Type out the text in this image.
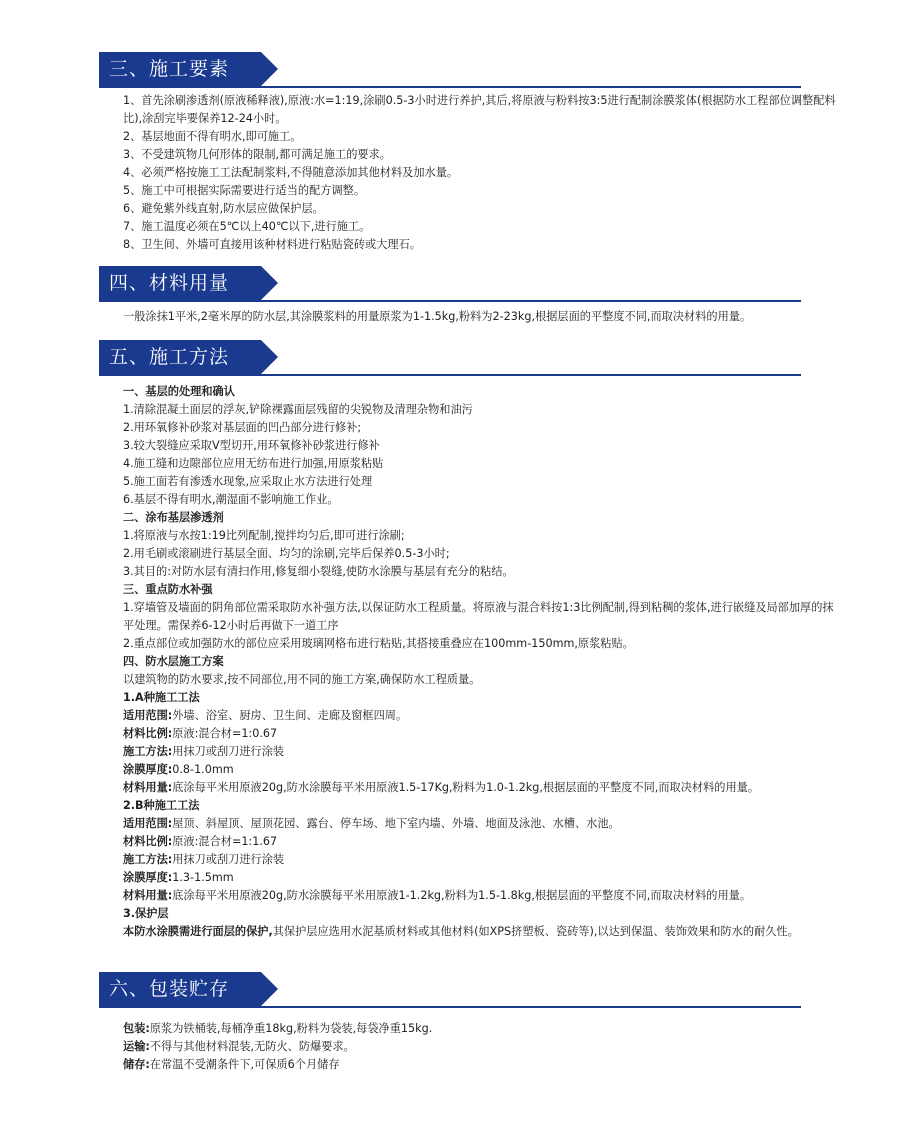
三、施工要素
1、首先涂刷渗透剂(原液稀释液),原液:水=1:19,涂刷0.5-3小时进行养护,其后,将原液与粉料按3:5进行配制涂膜浆体(根据防水工程部位调整配料比),涂刮完毕要保养12-24小时。
2、基层地面不得有明水,即可施工。
3、不受建筑物几何形体的限制,都可满足施工的要求。
4、必须严格按施工工法配制浆料,不得随意添加其他材料及加水量。
5、施工中可根据实际需要进行适当的配方调整。
6、避免紫外线直射,防水层应做保护层。
7、施工温度必须在5℃以上40℃以下,进行施工。
8、卫生间、外墙可直接用该种材料进行粘贴瓷砖或大理石。
四、材料用量
一般涂抹1平米,2毫米厚的防水层,其涂膜浆料的用量原浆为1-1.5kg,粉料为2-23kg,根据层面的平整度不同,而取决材料的用量。
五、施工方法
一、基层的处理和确认
1.清除混凝土面层的浮灰,铲除裸露面层残留的尖锐物及清理杂物和油污
2.用环氧修补砂浆对基层面的凹凸部分进行修补;
3.较大裂缝应采取V型切开,用环氧修补砂浆进行修补
4.施工缝和边隙部位应用无纺布进行加强,用原浆粘贴
5.施工面若有渗透水现象,应采取止水方法进行处理
6.基层不得有明水,潮湿面不影响施工作业。
二、涂布基层渗透剂
1.将原液与水按1:19比列配制,搅拌均匀后,即可进行涂刷;
2.用毛刷或滚刷进行基层全面、均匀的涂刷,完毕后保养0.5-3小时;
3.其目的:对防水层有清扫作用,修复细小裂缝,使防水涂膜与基层有充分的粘结。
三、重点防水补强
1.穿墙管及墙面的阴角部位需采取防水补强方法,以保证防水工程质量。将原液与混合料按1:3比例配制,得到粘稠的浆体,进行嵌缝及局部加厚的抹平处理。需保养6-12小时后再做下一道工序
2.重点部位或加强防水的部位应采用玻璃网格布进行粘贴,其搭接重叠应在100mm-150mm,原浆粘贴。
四、防水层施工方案
以建筑物的防水要求,按不同部位,用不同的施工方案,确保防水工程质量。
1.A种施工工法
适用范围:外墙、浴室、厨房、卫生间、走廊及窗框四周。
材料比例:原液:混合材=1:0.67
施工方法:用抹刀或刮刀进行涂装
涂膜厚度:0.8-1.0mm
材料用量:底涂每平米用原液20g,防水涂膜每平米用原液1.5-17Kg,粉料为1.0-1.2kg,根据层面的平整度不同,而取决材料的用量。
2.B种施工工法
适用范围:屋顶、斜屋顶、屋顶花园、露台、停车场、地下室内墙、外墙、地面及泳池、水槽、水池。
材料比例:原液:混合材=1:1.67
施工方法:用抹刀或刮刀进行涂装
涂膜厚度:1.3-1.5mm
材料用量:底涂每平米用原液20g,防水涂膜每平米用原液1-1.2kg,粉料为1.5-1.8kg,根据层面的平整度不同,而取决材料的用量。
3.保护层
本防水涂膜需进行面层的保护,其保护层应选用水泥基质材料或其他材料(如XPS挤塑板、瓷砖等),以达到保温、装饰效果和防水的耐久性。
六、包装贮存
包装:原浆为铁桶装,每桶净重18kg,粉料为袋装,每袋净重15kg.
运输:不得与其他材料混装,无防火、防爆要求。
储存:在常温不受潮条件下,可保质6个月储存
